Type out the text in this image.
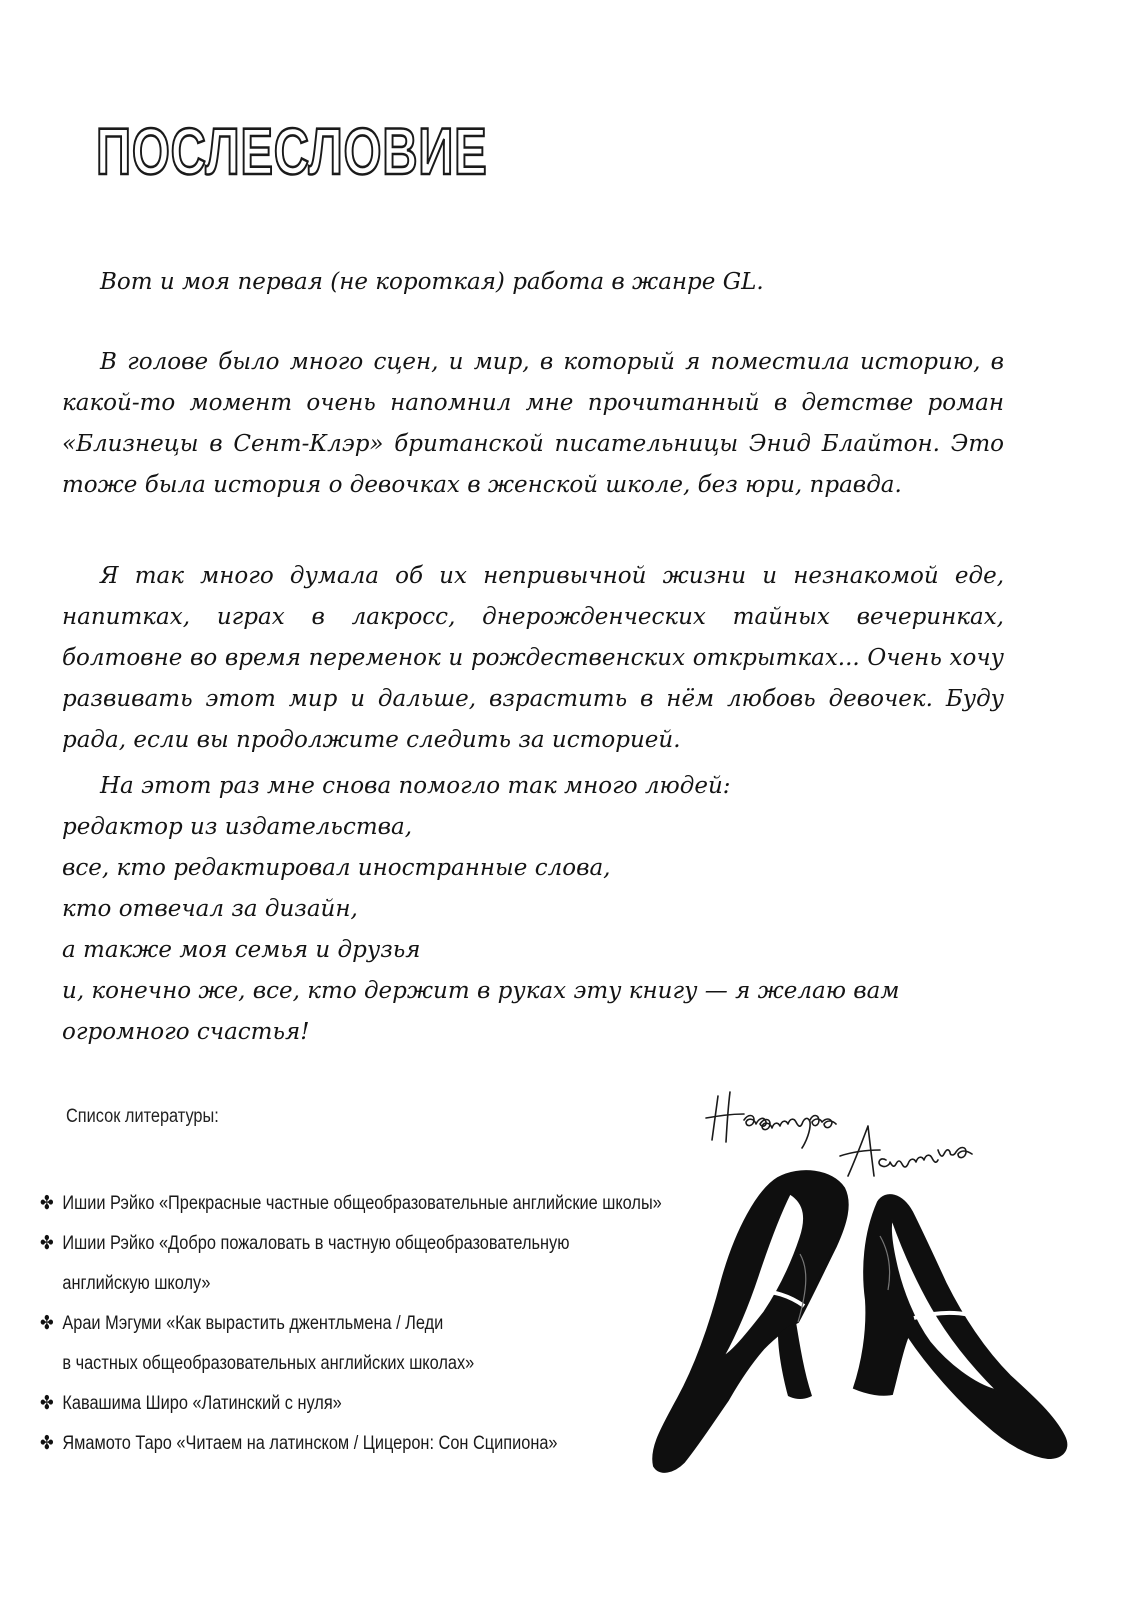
ПОСЛЕСЛОВИЕ

Вот и моя первая (не короткая) работа в жанре GL.

В голове было много сцен, и мир, в который я поместила историю, в какой-то момент очень напомнил мне прочитанный в детстве роман «Близнецы в Сент-Клэр» британской писательницы Энид Блайтон. Это тоже была история о девочках в женской школе, без юри, правда.

Я так много думала об их непривычной жизни и незнакомой еде, напитках, играх в лакросс, днерожденческих тайных вечеринках, болтовне во время переменок и рождественских открытках... Очень хочу развивать этот мир и дальше, взрастить в нём любовь девочек. Буду рада, если вы продолжите следить за историей.

На этот раз мне снова помогло так много людей:
редактор из издательства,
все, кто редактировал иностранные слова,
кто отвечал за дизайн,
а также моя семья и друзья
и, конечно же, все, кто держит в руках эту книгу — я желаю вам
огромного счастья!
Список литературы:
✤ Ишии Рэйко «Прекрасные частные общеобразовательные английские школы»
✤ Ишии Рэйко «Добро пожаловать в частную общеобразовательную
английскую школу»
✤ Араи Мэгуми «Как вырастить джентльмена / Леди
в частных общеобразовательных английских школах»
✤ Кавашима Широ «Латинский с нуля»
✤ Ямамото Таро «Читаем на латинском / Цицерон: Сон Сципиона»
